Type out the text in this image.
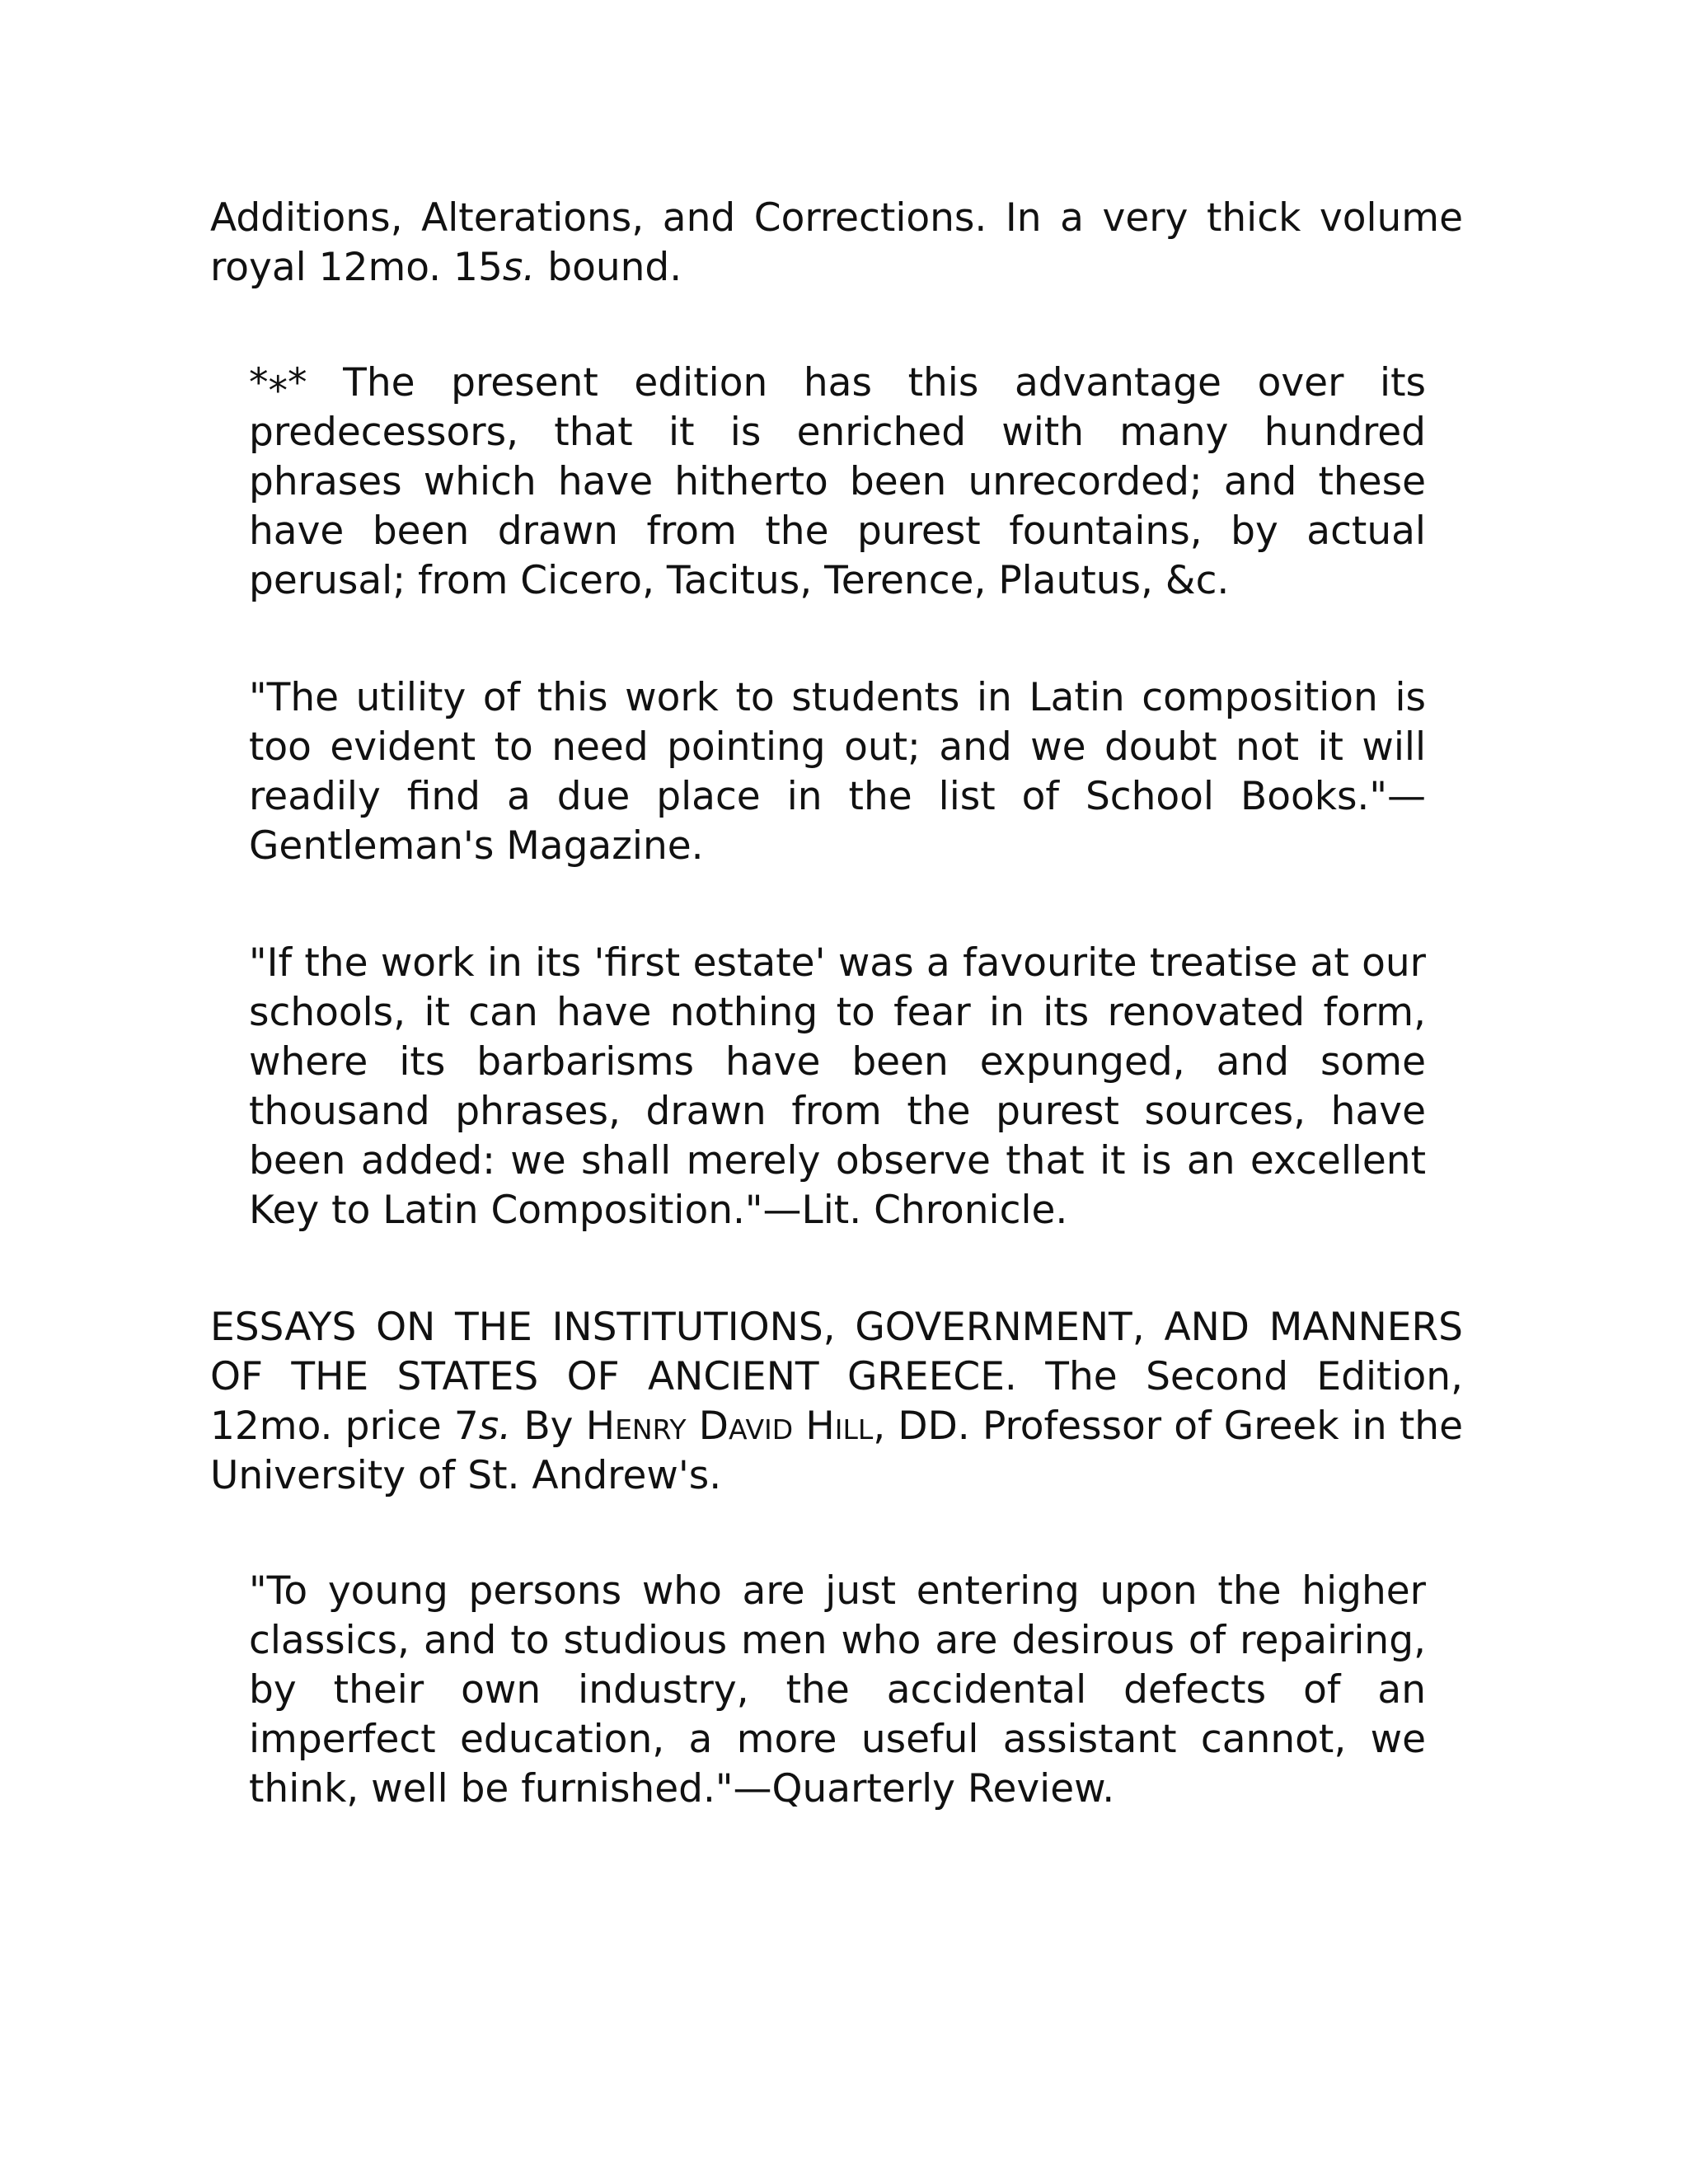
Additions, Alterations, and Corrections. In a very thick volume royal 12mo. 15s. bound.

*** The present edition has this advantage over its predecessors, that it is enriched with many hundred phrases which have hitherto been unrecorded; and these have been drawn from the purest fountains, by actual perusal; from Cicero, Tacitus, Terence, Plautus, &c.

"The utility of this work to students in Latin composition is too evident to need pointing out; and we doubt not it will readily find a due place in the list of School Books."—Gentleman's Magazine.

"If the work in its 'first estate' was a favourite treatise at our schools, it can have nothing to fear in its renovated form, where its barbarisms have been expunged, and some thousand phrases, drawn from the purest sources, have been added: we shall merely observe that it is an excellent Key to Latin Composition."—Lit. Chronicle.

ESSAYS ON THE INSTITUTIONS, GOVERNMENT, AND MANNERS OF THE STATES OF ANCIENT GREECE. The Second Edition, 12mo. price 7s. By Henry David Hill, DD. Professor of Greek in the University of St. Andrew's.

"To young persons who are just entering upon the higher classics, and to studious men who are desirous of repairing, by their own industry, the accidental defects of an imperfect education, a more useful assistant cannot, we think, well be furnished."—Quarterly Review.
